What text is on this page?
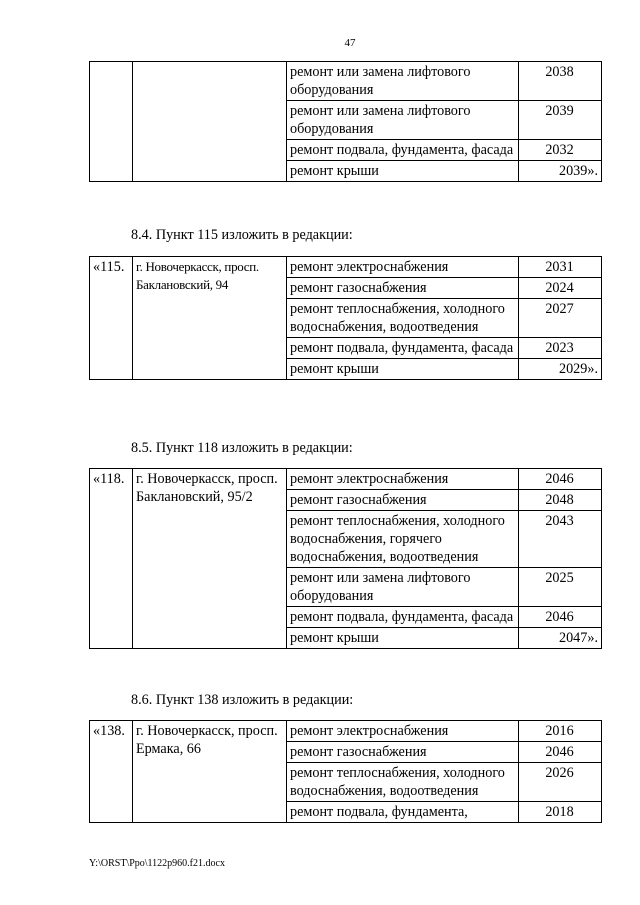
47
		ремонт или замена лифтового оборудования	2038
		ремонт или замена лифтового оборудования	2039
		ремонт подвала, фундамента, фасада	2032
		ремонт крыши	2039».
8.4. Пункт 115 изложить в редакции:
«115.	г. Новочеркасск, просп. Баклановский, 94	ремонт электроснабжения	2031
		ремонт газоснабжения	2024
		ремонт теплоснабжения, холодного водоснабжения, водоотведения	2027
		ремонт подвала, фундамента, фасада	2023
		ремонт крыши	2029».
8.5. Пункт 118 изложить в редакции:
«118.	г. Новочеркасск, просп. Баклановский, 95/2	ремонт электроснабжения	2046
		ремонт газоснабжения	2048
		ремонт теплоснабжения, холодного водоснабжения, горячего водоснабжения, водоотведения	2043
		ремонт или замена лифтового оборудования	2025
		ремонт подвала, фундамента, фасада	2046
		ремонт крыши	2047».
8.6. Пункт 138 изложить в редакции:
«138.	г. Новочеркасск, просп. Ермака, 66	ремонт электроснабжения	2016
		ремонт газоснабжения	2046
		ремонт теплоснабжения, холодного водоснабжения, водоотведения	2026
		ремонт подвала, фундамента,	2018
Y:\ORST\Ppo\1122p960.f21.docx
